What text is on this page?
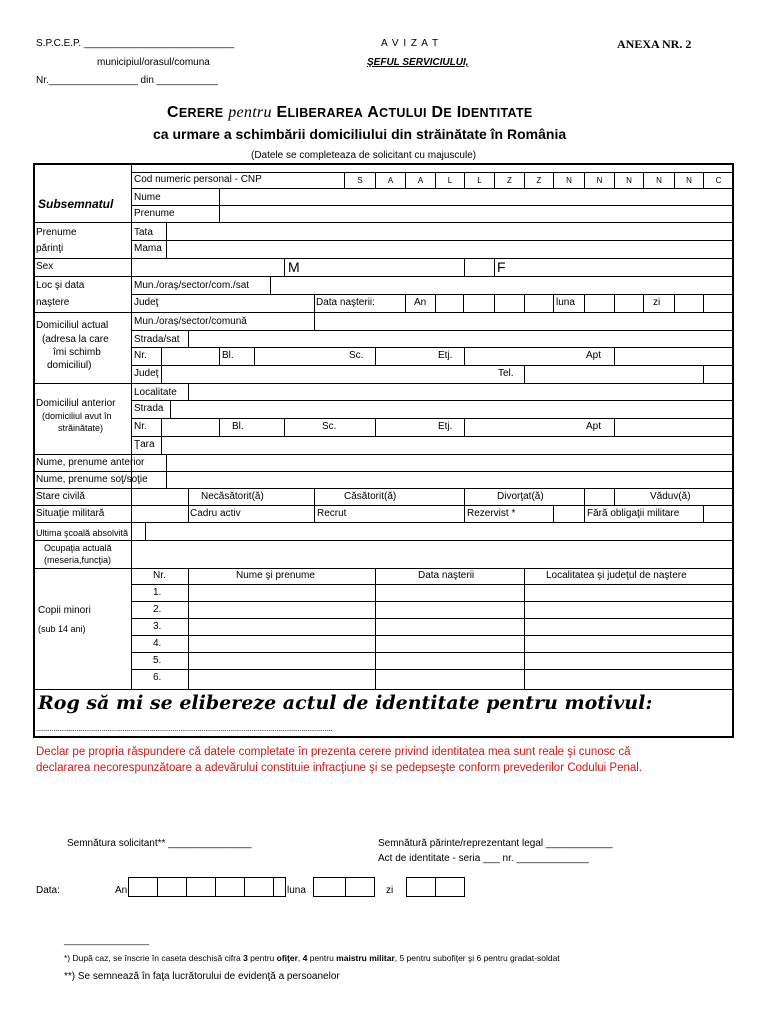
S.P.C.E.P. ___________________________
municipiul/orasul/comuna
Nr.________________ din ___________
A V I Z A T
ŞEFUL SERVICIULUI,
ANEXA NR. 2
CERERE pentru ELIBERAREA ACTULUI DE IDENTITATE
ca urmare a schimbării domiciliului din străinătate în România
(Datele se completeaza de solicitant cu majuscule)
Cod numeric personal - CNP	S	A	A	L	L	Z	Z	N	N	N	N	N	C
Nume
Prenume
Subsemnatul
Prenume
părinţi
Tata
Mama
Sex	M	F
Loc şi data
naştere
Mun./oraş/sector/com./sat
Judeţ	Data naşterii:	An	luna	zi
Domiciliul actual
(adresa la care
îmi schimb
domiciliul)
Mun./oraş/sector/comună
Strada/sat
Nr.	Bl.	Sc.	Etj.	Apt
Judeţ	Tel.
Domiciliul anterior
(domiciliul avut în
străinătate)
Localitate
Strada
Nr.	Bl.	Sc.	Etj.	Apt
Ţara
Nume, prenume anterior
Nume, prenume soţ/soţie
Stare civilă	Necăsătorit(ă)	Căsătorit(ă)	Divorţat(ă)	Văduv(ă)
Situaţie militară	Cadru activ	Recrut	Rezervist *	Fără obligaţii militare
Ultima şcoală absolvită
Ocupaţia actuală
(meseria,funcţia)
Copii minori
(sub 14 ani)
Nr.	Nume şi prenume	Data naşterii	Localitatea şi judeţul de naştere
1.
2.
3.
4.
5.
6.
Rog să mi se elibereze actul de identitate pentru motivul:
..........................................................................................................................................................
Declar pe propria răspundere că datele completate în prezenta cerere privind identitatea mea sunt reale şi cunosc că
declararea necorespunzătoare a adevărului constituie infracţiune şi se pedepseşte conform prevederilor Codului Penal.
Semnătura solicitant** _______________	Semnătură părinte/reprezentant legal ____________
Act de identitate - seria ___ nr. _____________
Data:	An	luna	zi
_________________
*) După caz, se înscrie în caseta deschisă cifra 3 pentru ofiţer, 4 pentru maistru militar, 5 pentru subofiţer şi 6 pentru gradat-soldat
**) Se semnează în faţa lucrătorului de evidenţă a persoanelor
